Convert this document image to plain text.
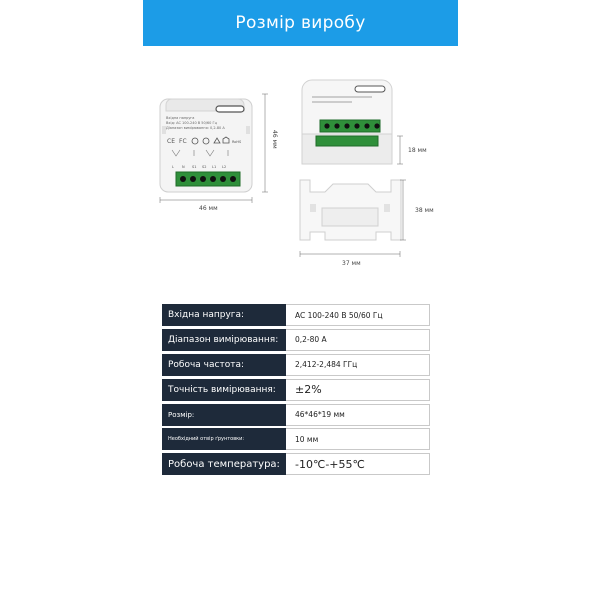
Розмір виробу
Вхідна напруга
Вхід: AC 100-240 В 50/60 Гц
Діапазон вимірювання: 0,2-80 А
CE FC	RoHS
L N S1 S2 L1 L2
46 мм
46 мм
18 мм
38 мм
37 мм
Вхідна напруга:	AC 100-240 В 50/60 Гц
Діапазон вимірювання:	0,2-80 А
Робоча частота:	2,412-2,484 ГГц
Точність вимірювання:	±2%
Розмір:	46*46*19 мм
Необхідний отвір ґрунтовки:	10 мм
Робоча температура:	-10℃-+55℃
